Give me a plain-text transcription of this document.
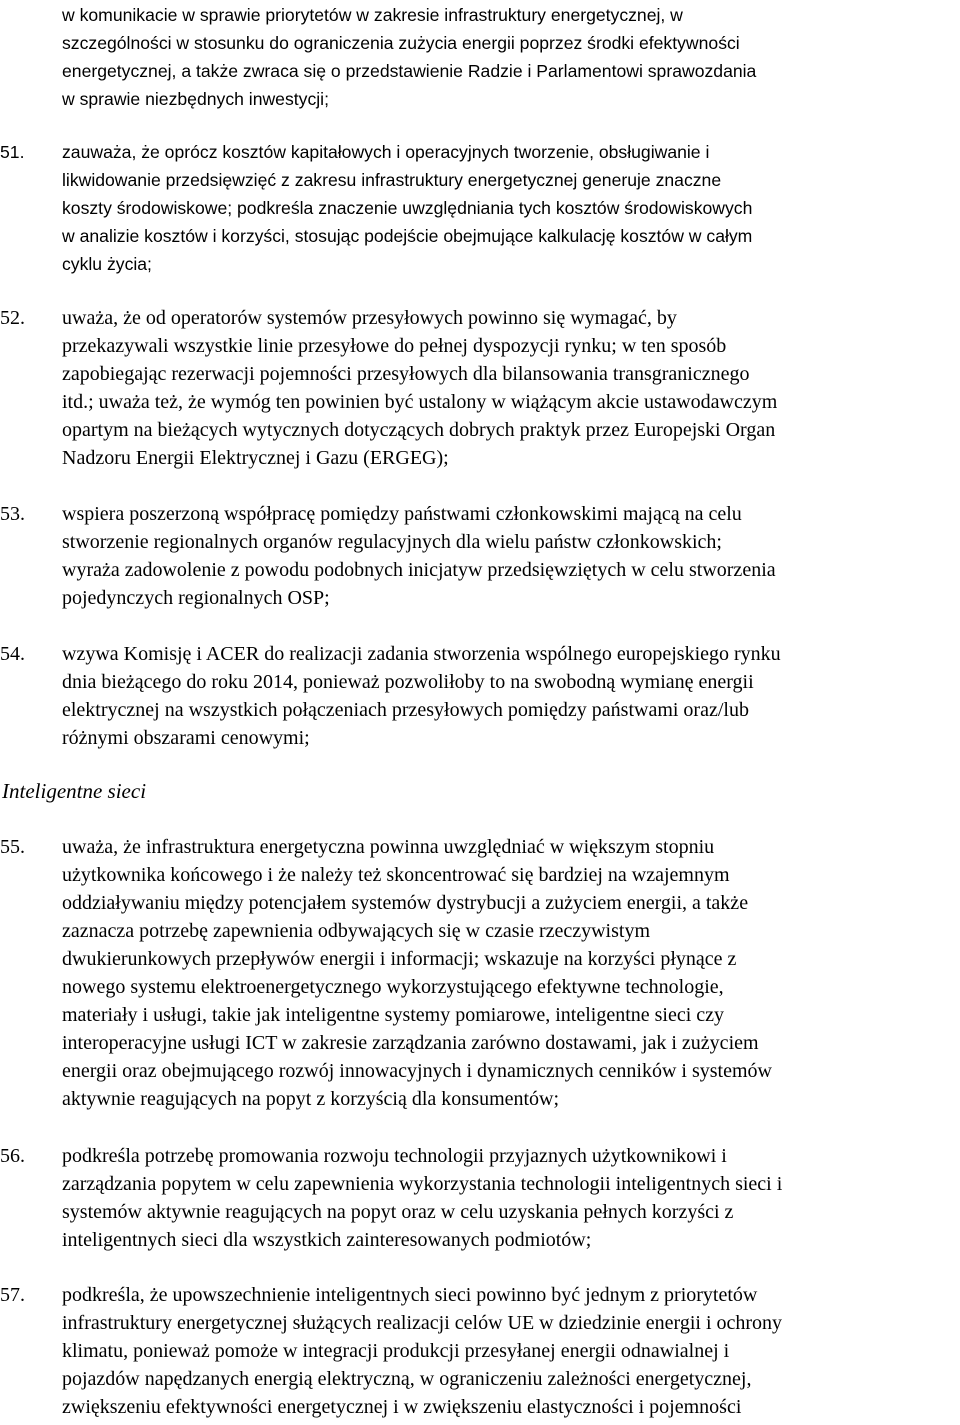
w komunikacie w sprawie priorytetów w zakresie infrastruktury energetycznej, w
szczególności w stosunku do ograniczenia zużycia energii poprzez środki efektywności
energetycznej, a także zwraca się o przedstawienie Radzie i Parlamentowi sprawozdania
w sprawie niezbędnych inwestycji;
51.	zauważa, że oprócz kosztów kapitałowych i operacyjnych tworzenie, obsługiwanie i
likwidowanie przedsięwzięć z zakresu infrastruktury energetycznej generuje znaczne
koszty środowiskowe; podkreśla znaczenie uwzględniania tych kosztów środowiskowych
w analizie kosztów i korzyści, stosując podejście obejmujące kalkulację kosztów w całym
cyklu życia;
52.	uważa, że od operatorów systemów przesyłowych powinno się wymagać, by
przekazywali wszystkie linie przesyłowe do pełnej dyspozycji rynku; w ten sposób
zapobiegając rezerwacji pojemności przesyłowych dla bilansowania transgranicznego
itd.; uważa też, że wymóg ten powinien być ustalony w wiążącym akcie ustawodawczym
opartym na bieżących wytycznych dotyczących dobrych praktyk przez Europejski Organ
Nadzoru Energii Elektrycznej i Gazu (ERGEG);
53.	wspiera poszerzoną współpracę pomiędzy państwami członkowskimi mającą na celu
stworzenie regionalnych organów regulacyjnych dla wielu państw członkowskich;
wyraża zadowolenie z powodu podobnych inicjatyw przedsięwziętych w celu stworzenia
pojedynczych regionalnych OSP;
54.	wzywa Komisję i ACER do realizacji zadania stworzenia wspólnego europejskiego rynku
dnia bieżącego do roku 2014, ponieważ pozwoliłoby to na swobodną wymianę energii
elektrycznej na wszystkich połączeniach przesyłowych pomiędzy państwami oraz/lub
różnymi obszarami cenowymi;
Inteligentne sieci
55.	uważa, że infrastruktura energetyczna powinna uwzględniać w większym stopniu
użytkownika końcowego i że należy też skoncentrować się bardziej na wzajemnym
oddziaływaniu między potencjałem systemów dystrybucji a zużyciem energii, a także
zaznacza potrzebę zapewnienia odbywających się w czasie rzeczywistym
dwukierunkowych przepływów energii i informacji; wskazuje na korzyści płynące z
nowego systemu elektroenergetycznego wykorzystującego efektywne technologie,
materiały i usługi, takie jak inteligentne systemy pomiarowe, inteligentne sieci czy
interoperacyjne usługi ICT w zakresie zarządzania zarówno dostawami, jak i zużyciem
energii oraz obejmującego rozwój innowacyjnych i dynamicznych cenników i systemów
aktywnie reagujących na popyt z korzyścią dla konsumentów;
56.	podkreśla potrzebę promowania rozwoju technologii przyjaznych użytkownikowi i
zarządzania popytem w celu zapewnienia wykorzystania technologii inteligentnych sieci i
systemów aktywnie reagujących na popyt oraz w celu uzyskania pełnych korzyści z
inteligentnych sieci dla wszystkich zainteresowanych podmiotów;
57.	podkreśla, że upowszechnienie inteligentnych sieci powinno być jednym z priorytetów
infrastruktury energetycznej służących realizacji celów UE w dziedzinie energii i ochrony
klimatu, ponieważ pomoże w integracji produkcji przesyłanej energii odnawialnej i
pojazdów napędzanych energią elektryczną, w ograniczeniu zależności energetycznej,
zwiększeniu efektywności energetycznej i w zwiększeniu elastyczności i pojemności
